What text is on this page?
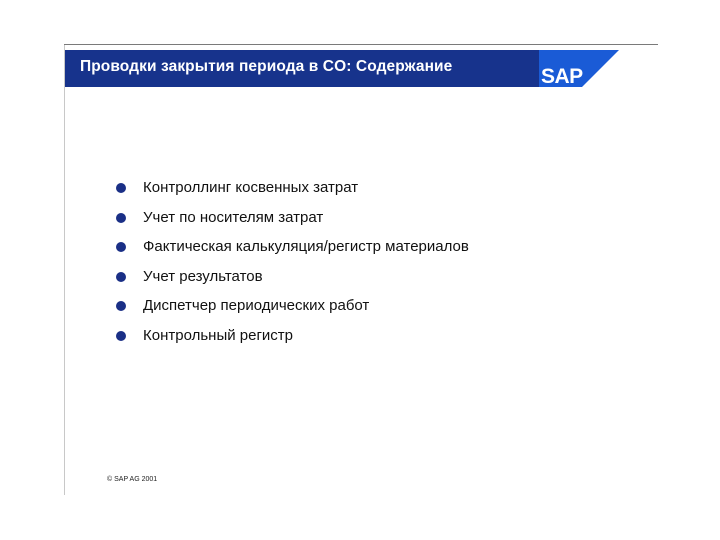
Проводки закрытия периода в CO: Содержание	SAP
Контроллинг косвенных затрат
Учет по носителям затрат
Фактическая калькуляция/регистр материалов
Учет результатов
Диспетчер периодических работ
Контрольный регистр
© SAP AG 2001
